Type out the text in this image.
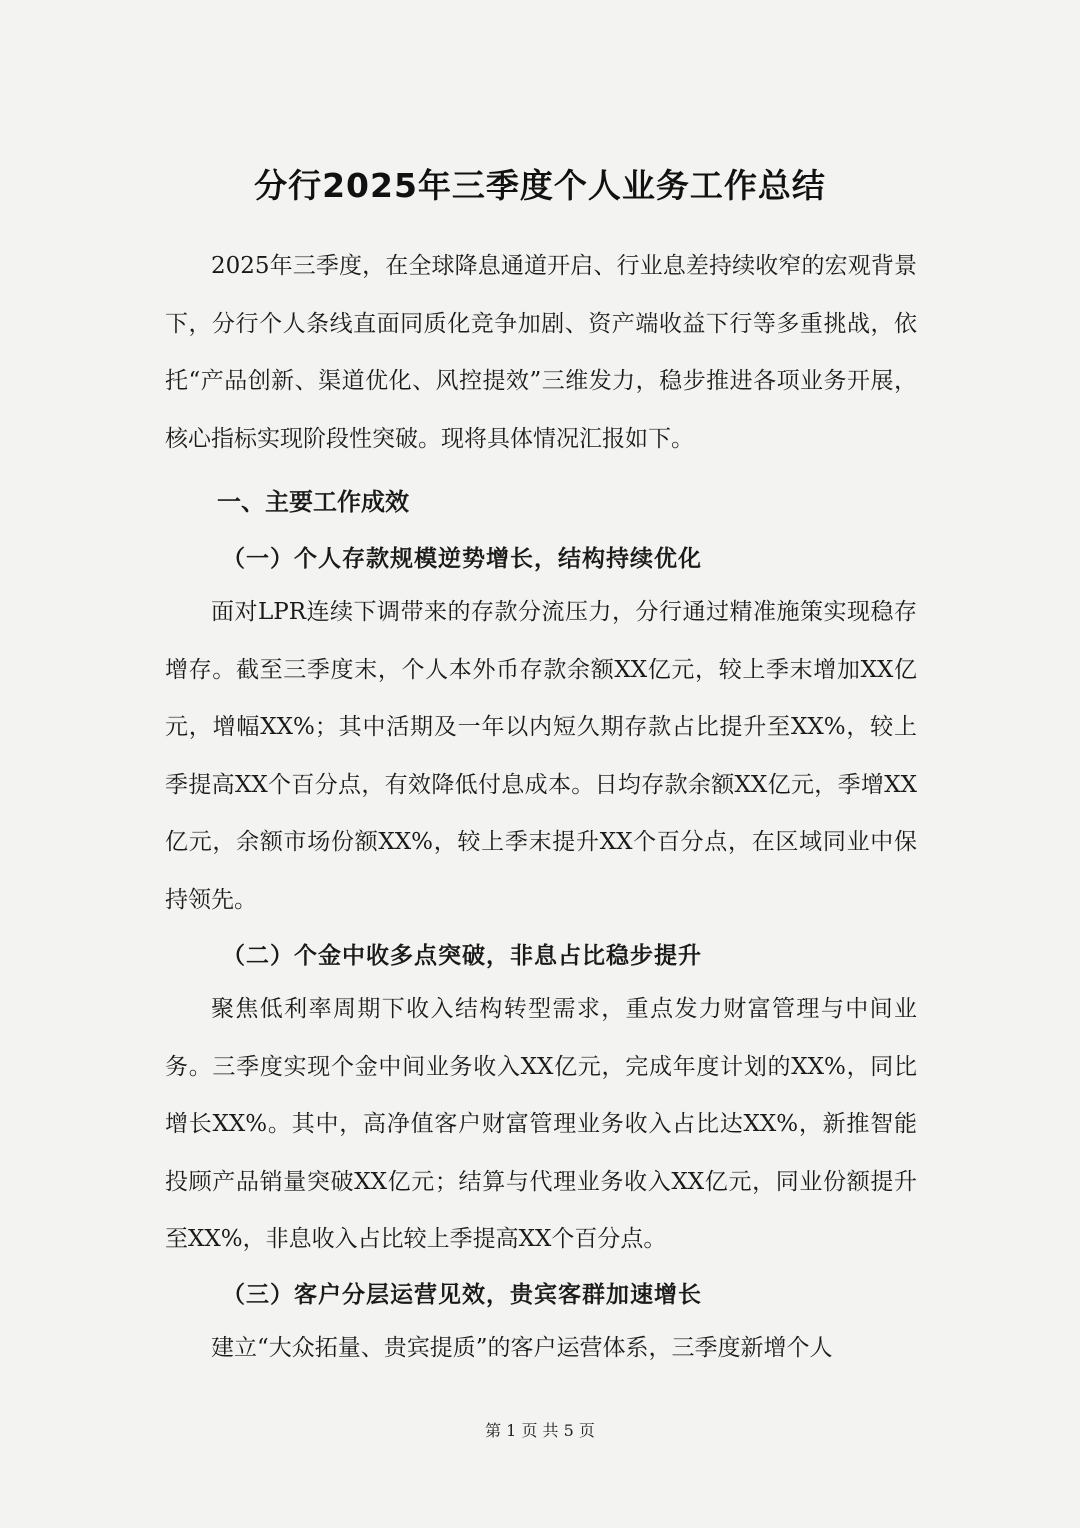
分行2025年三季度个人业务工作总结

2025年三季度，在全球降息通道开启、行业息差持续收窄的宏观背景下，分行个人条线直面同质化竞争加剧、资产端收益下行等多重挑战，依托“产品创新、渠道优化、风控提效”三维发力，稳步推进各项业务开展，核心指标实现阶段性突破。现将具体情况汇报如下。

一、主要工作成效
（一）个人存款规模逆势增长，结构持续优化

面对LPR连续下调带来的存款分流压力，分行通过精准施策实现稳存增存。截至三季度末，个人本外币存款余额XX亿元，较上季末增加XX亿元，增幅XX%；其中活期及一年以内短久期存款占比提升至XX%，较上季提高XX个百分点，有效降低付息成本。日均存款余额XX亿元，季增XX亿元，余额市场份额XX%，较上季末提升XX个百分点，在区域同业中保持领先。

（二）个金中收多点突破，非息占比稳步提升

聚焦低利率周期下收入结构转型需求，重点发力财富管理与中间业务。三季度实现个金中间业务收入XX亿元，完成年度计划的XX%，同比增长XX%。其中，高净值客户财富管理业务收入占比达XX%，新推智能投顾产品销量突破XX亿元；结算与代理业务收入XX亿元，同业份额提升至XX%，非息收入占比较上季提高XX个百分点。

（三）客户分层运营见效，贵宾客群加速增长

建立“大众拓量、贵宾提质”的客户运营体系，三季度新增个人

第 1 页 共 5 页
